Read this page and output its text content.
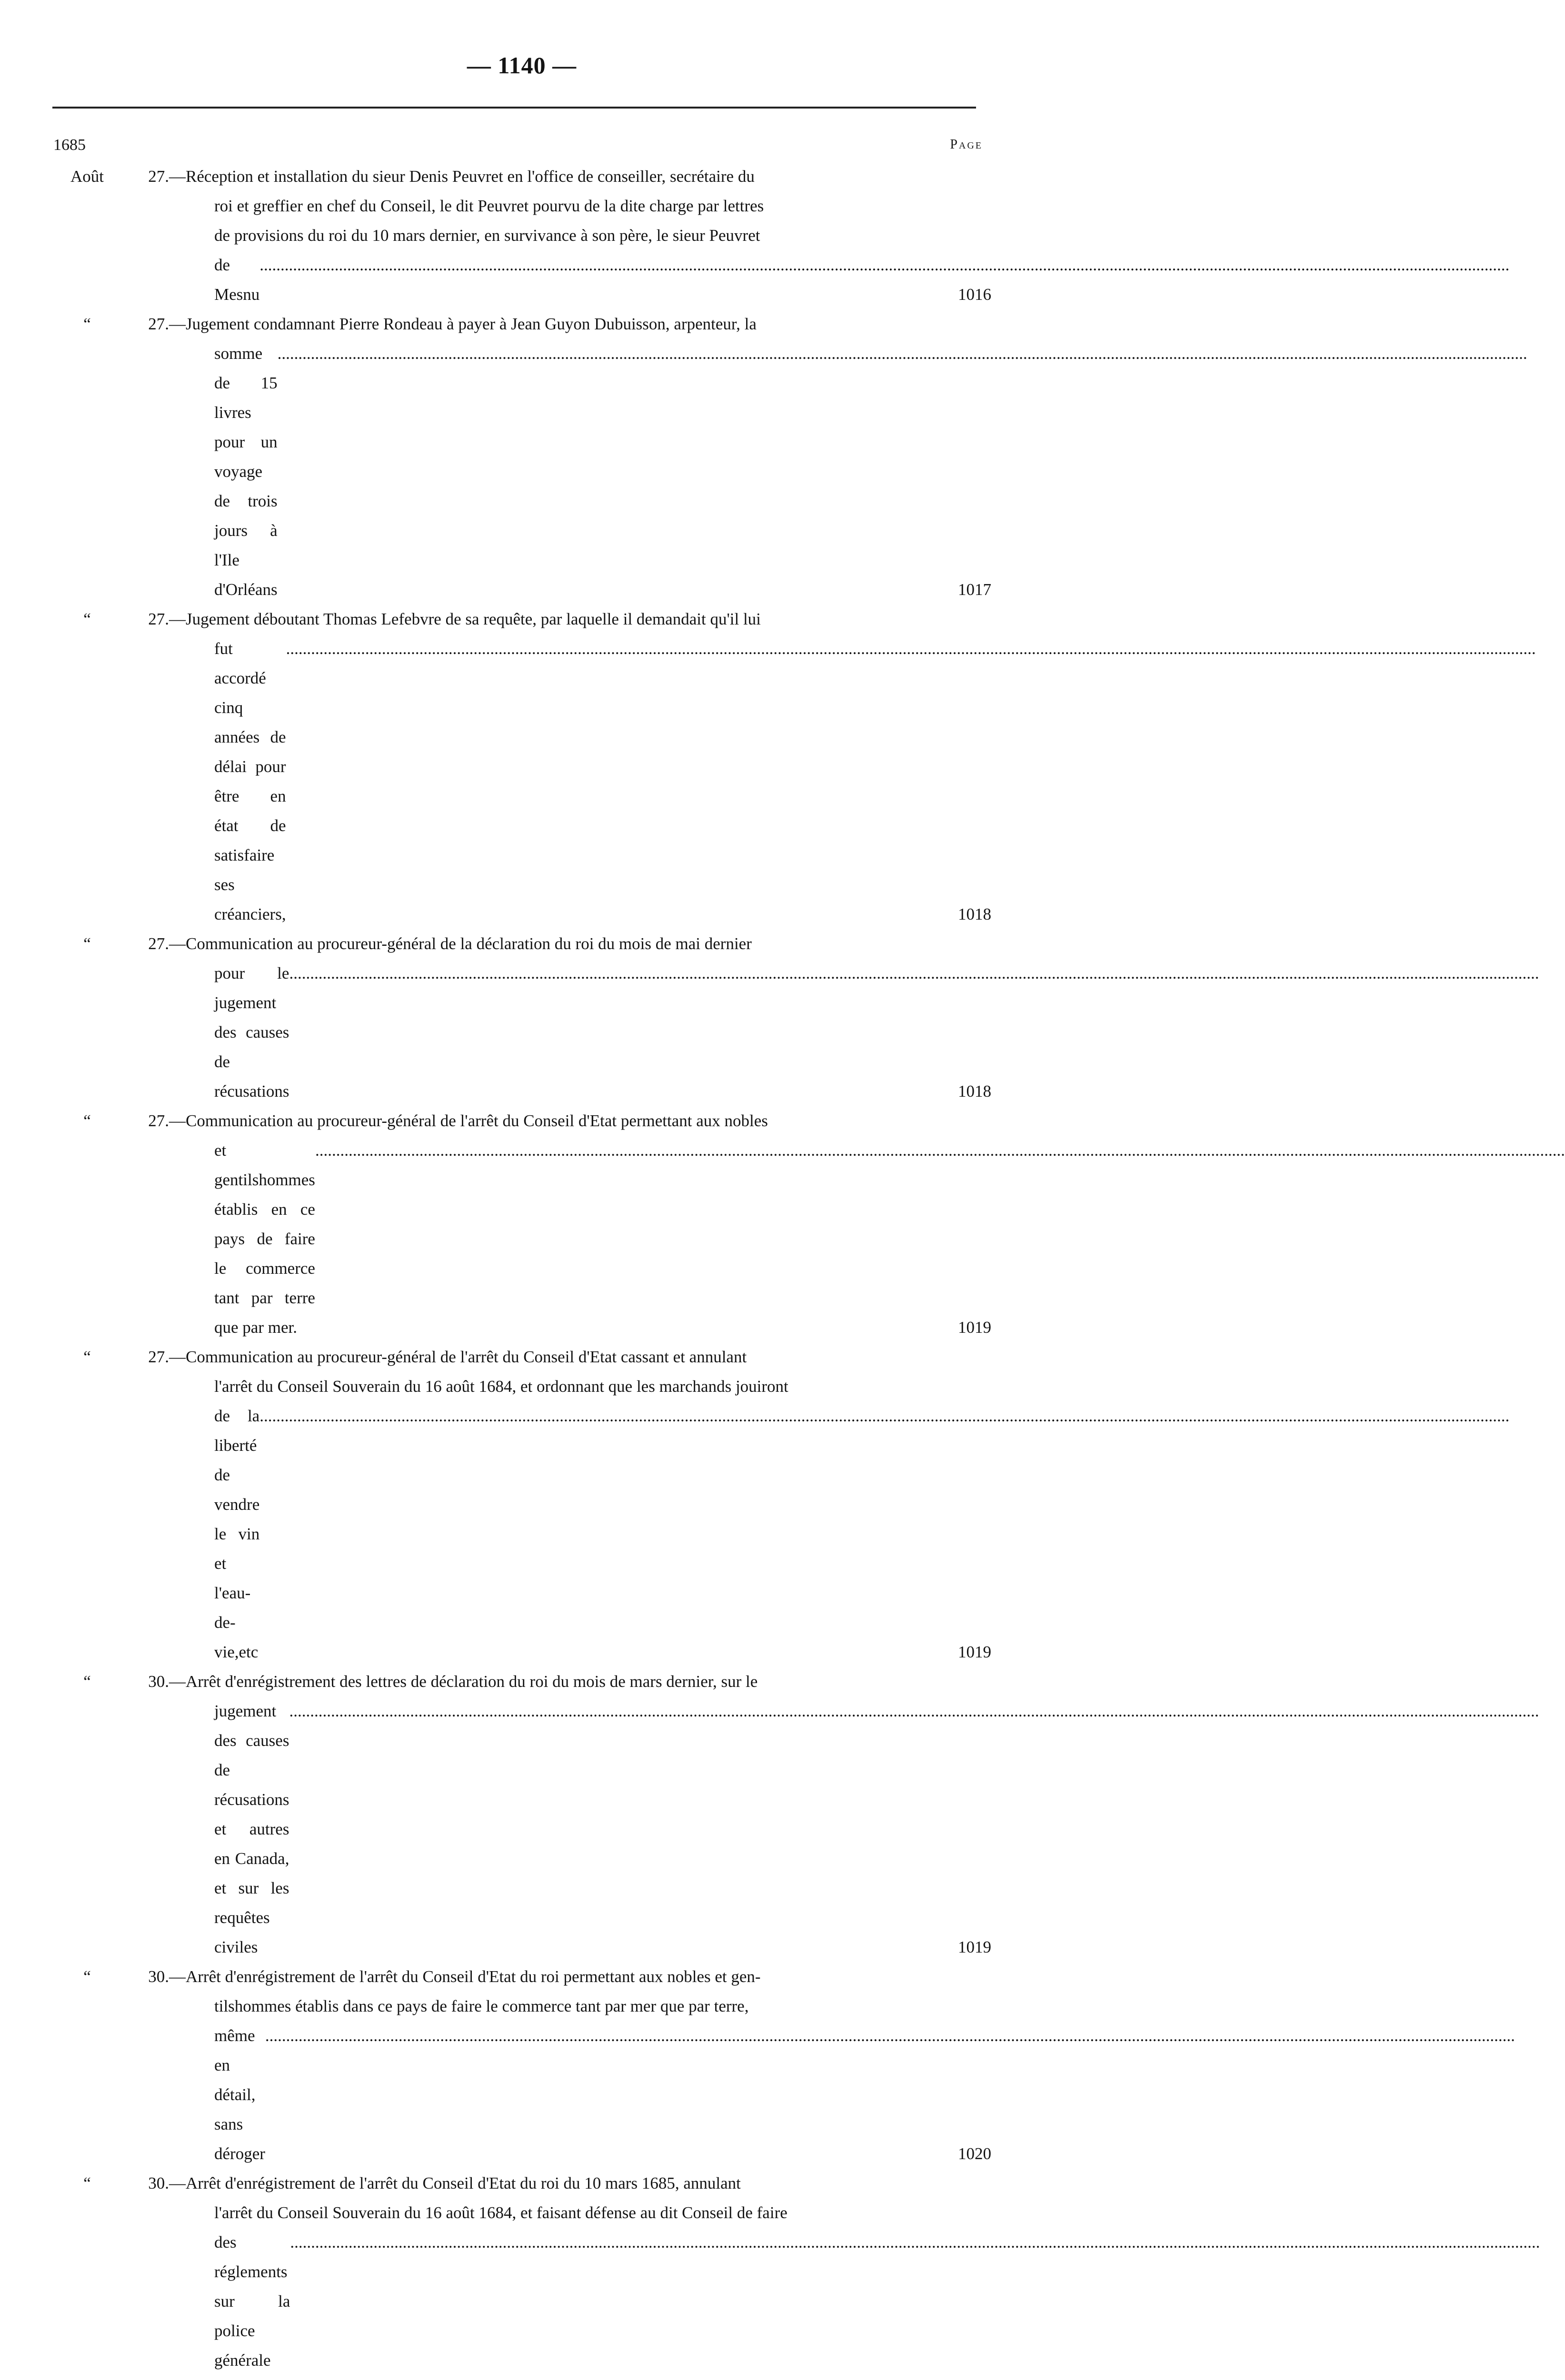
— 1140 —
1685	Page
Août	27.— Réception et installation du sieur Denis Peuvret en l'office de conseiller, secrétaire du
roi et greffier en chef du Conseil, le dit Peuvret pourvu de la dite charge par lettres
de provisions du roi du 10 mars dernier, en survivance à son père, le sieur Peuvret
de Mesnu
............................................................................................................................................................................................................................................................................................................
1016
“	27.— Jugement condamnant Pierre Rondeau à payer à Jean Guyon Dubuisson, arpenteur, la
somme de 15 livres pour un voyage de trois jours à l'Ile d'Orléans
............................................................................................................................................................................................................................................................................................................
1017
“	27.— Jugement déboutant Thomas Lefebvre de sa requête, par laquelle il demandait qu'il lui
fut accordé cinq années de délai pour être en état de satisfaire ses créanciers,
............................................................................................................................................................................................................................................................................................................
1018
“	27.— Communication au procureur-général de la déclaration du roi du mois de mai dernier
pour le jugement des causes de récusations
............................................................................................................................................................................................................................................................................................................
1018
“	27.— Communication au procureur-général de l'arrêt du Conseil d'Etat permettant aux nobles
et gentilshommes établis en ce pays de faire le commerce tant par terre que par mer.
............................................................................................................................................................................................................................................................................................................
1019
“	27.— Communication au procureur-général de l'arrêt du Conseil d'Etat cassant et annulant
l'arrêt du Conseil Souverain du 16 août 1684, et ordonnant que les marchands jouiront
de la liberté de vendre le vin et l'eau-de-vie,etc
............................................................................................................................................................................................................................................................................................................
1019
“	30.— Arrêt d'enrégistrement des lettres de déclaration du roi du mois de mars dernier, sur le
jugement des causes de récusations et autres en Canada, et sur les requêtes civiles
............................................................................................................................................................................................................................................................................................................
1019
“	30.— Arrêt d'enrégistrement de l'arrêt du Conseil d'Etat du roi permettant aux nobles et gen-
tilshommes établis dans ce pays de faire le commerce tant par mer que par terre,
même en détail, sans déroger
............................................................................................................................................................................................................................................................................................................
1020
“	30.— Arrêt d'enrégistrement de l'arrêt du Conseil d'Etat du roi du 10 mars 1685, annulant
l'arrêt du Conseil Souverain du 16 août 1684, et faisant défense au dit Conseil de faire
des réglements sur la police générale
............................................................................................................................................................................................................................................................................................................
